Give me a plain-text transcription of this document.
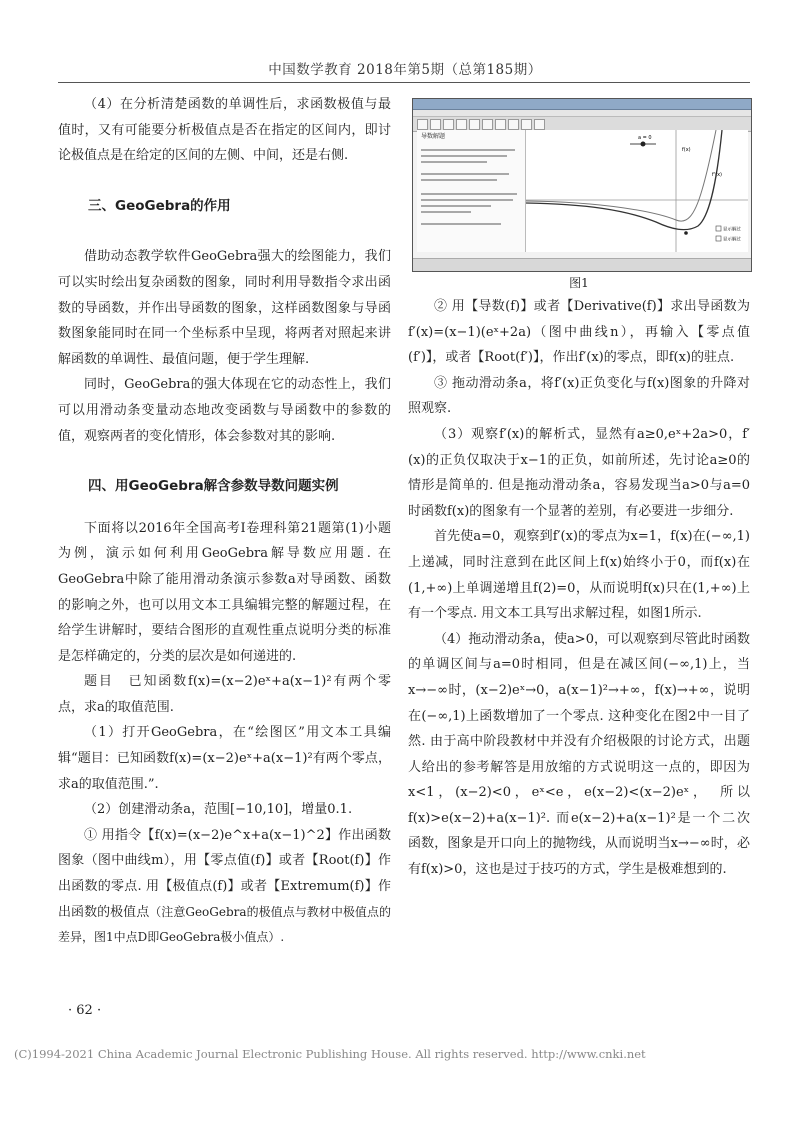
中国数学教育 2018年第5期（总第185期）

（4）在分析清楚函数的单调性后，求函数极值与最值时，又有可能要分析极值点是否在指定的区间内，即讨论极值点是在给定的区间的左侧、中间，还是右侧.

三、GeoGebra的作用

借助动态教学软件GeoGebra强大的绘图能力，我们可以实时绘出复杂函数的图象，同时利用导数指令求出函数的导函数，并作出导函数的图象，这样函数图象与导函数图象能同时在同一个坐标系中呈现，将两者对照起来讲解函数的单调性、最值问题，便于学生理解.

同时，GeoGebra的强大体现在它的动态性上，我们可以用滑动条变量动态地改变函数与导函数中的参数的值，观察两者的变化情形，体会参数对其的影响.

四、用GeoGebra解含参数导数问题实例

下面将以2016年全国高考Ⅰ卷理科第21题第(1)小题为例，演示如何利用GeoGebra解导数应用题. 在GeoGebra中除了能用滑动条演示参数a对导函数、函数的影响之外，也可以用文本工具编辑完整的解题过程，在给学生讲解时，要结合图形的直观性重点说明分类的标准是怎样确定的，分类的层次是如何递进的.

题目　已知函数f(x)=(x−2)eˣ+a(x−1)²有两个零点，求a的取值范围.

（1）打开GeoGebra，在“绘图区”用文本工具编辑“题目：已知函数f(x)=(x−2)eˣ+a(x−1)²有两个零点，求a的取值范围.”.

（2）创建滑动条a，范围[−10,10]，增量0.1.

① 用指令【f(x)=(x−2)e^x+a(x−1)^2】作出函数图象（图中曲线m），用【零点值(f)】或者【Root(f)】作出函数的零点. 用【极值点(f)】或者【Extremum(f)】作出函数的极值点（注意GeoGebra的极值点与教材中极值点的差异，图1中点D即GeoGebra极小值点）.

· 62 ·
导数解题	a = 0
f(x)
f'(x)
显示解过
显示解过
图1

② 用【导数(f)】或者【Derivative(f)】求出导函数为f′(x)=(x−1)(eˣ+2a)（图中曲线n），再输入【零点值(f′)】，或者【Root(f′)】，作出f′(x)的零点，即f(x)的驻点.

③ 拖动滑动条a，将f′(x)正负变化与f(x)图象的升降对照观察.

（3）观察f′(x)的解析式，显然有a≥0,eˣ+2a>0，f′(x)的正负仅取决于x−1的正负，如前所述，先讨论a≥0的情形是简单的. 但是拖动滑动条a，容易发现当a>0与a=0时函数f(x)的图象有一个显著的差别，有必要进一步细分.

首先使a=0，观察到f′(x)的零点为x=1，f(x)在(−∞,1)上递减，同时注意到在此区间上f(x)始终小于0，而f(x)在(1,+∞)上单调递增且f(2)=0，从而说明f(x)只在(1,+∞)上有一个零点. 用文本工具写出求解过程，如图1所示.

（4）拖动滑动条a，使a>0，可以观察到尽管此时函数的单调区间与a=0时相同，但是在减区间(−∞,1)上，当x→−∞时，(x−2)eˣ→0，a(x−1)²→+∞，f(x)→+∞，说明在(−∞,1)上函数增加了一个零点. 这种变化在图2中一目了然. 由于高中阶段教材中并没有介绍极限的讨论方式，出题人给出的参考解答是用放缩的方式说明这一点的，即因为x<1，(x−2)<0，eˣ<e，e(x−2)<(x−2)eˣ，　所以f(x)>e(x−2)+a(x−1)². 而e(x−2)+a(x−1)²是一个二次函数，图象是开口向上的抛物线，从而说明当x→−∞时，必有f(x)>0，这也是过于技巧的方式，学生是极难想到的.

(C)1994-2021 China Academic Journal Electronic Publishing House. All rights reserved. http://www.cnki.net
